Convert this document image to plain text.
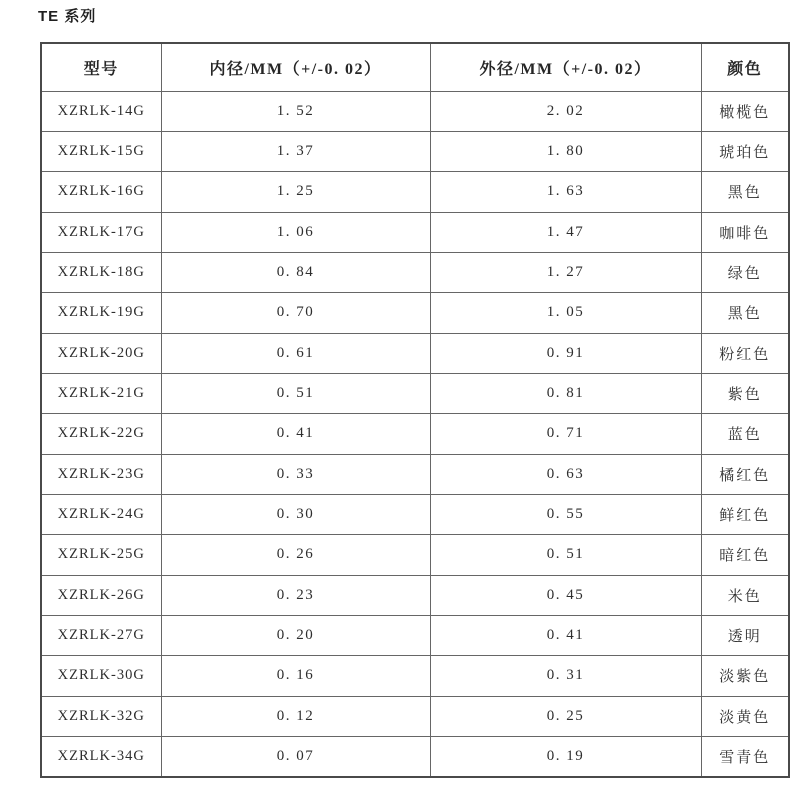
TE 系列
型号	内径/MM（+/-0. 02）	外径/MM（+/-0. 02）	颜色
XZRLK-14G	1. 52	2. 02	橄榄色
XZRLK-15G	1. 37	1. 80	琥珀色
XZRLK-16G	1. 25	1. 63	黑色
XZRLK-17G	1. 06	1. 47	咖啡色
XZRLK-18G	0. 84	1. 27	绿色
XZRLK-19G	0. 70	1. 05	黑色
XZRLK-20G	0. 61	0. 91	粉红色
XZRLK-21G	0. 51	0. 81	紫色
XZRLK-22G	0. 41	0. 71	蓝色
XZRLK-23G	0. 33	0. 63	橘红色
XZRLK-24G	0. 30	0. 55	鲜红色
XZRLK-25G	0. 26	0. 51	暗红色
XZRLK-26G	0. 23	0. 45	米色
XZRLK-27G	0. 20	0. 41	透明
XZRLK-30G	0. 16	0. 31	淡紫色
XZRLK-32G	0. 12	0. 25	淡黄色
XZRLK-34G	0. 07	0. 19	雪青色
